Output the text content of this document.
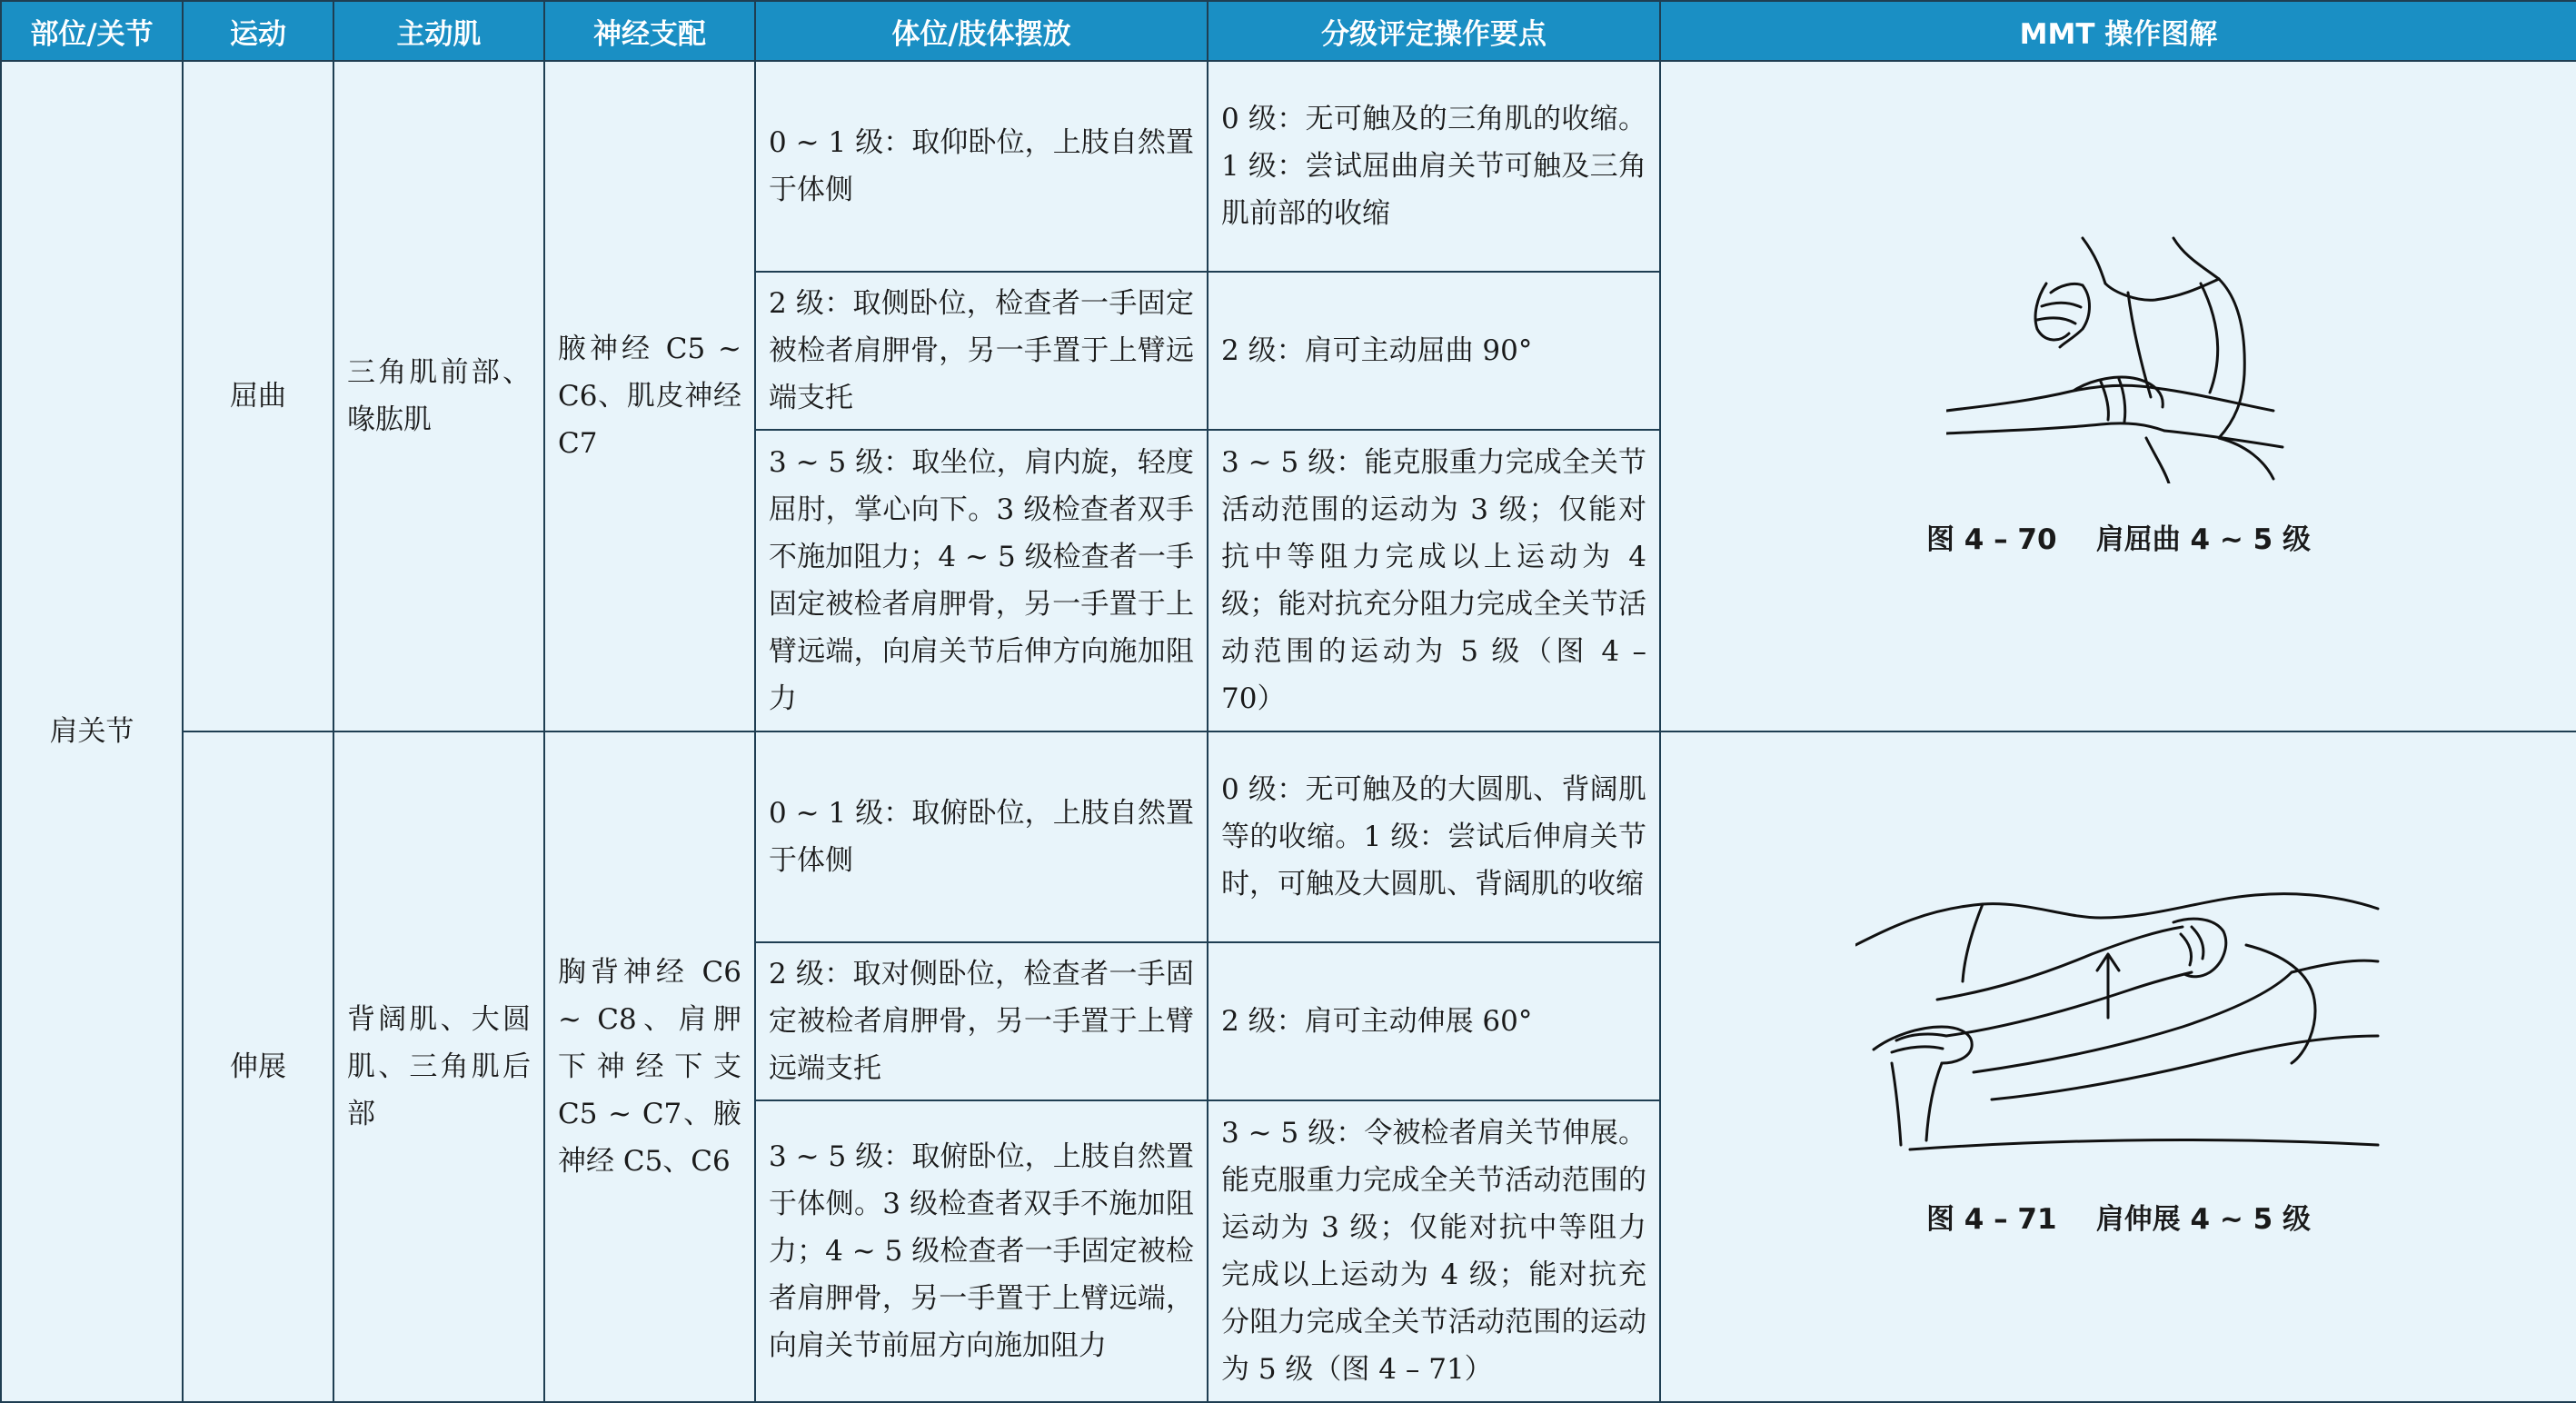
部位/关节	运动	主动肌	神经支配	体位/肢体摆放	分级评定操作要点	MMT 操作图解
肩关节	屈曲	三角肌前部、喙肱肌	腋神经 C5 ~ C6、肌皮神经 C7	0 ~ 1 级：取仰卧位，上肢自然置于体侧	0 级：无可触及的三角肌的收缩。1 级：尝试屈曲肩关节可触及三角肌前部的收缩	图 4 – 70    肩屈曲 4 ~ 5 级

				2 级：取侧卧位，检查者一手固定被检者肩胛骨，另一手置于上臂远端支托	2 级：肩可主动屈曲 90°	
				3 ~ 5 级：取坐位，肩内旋，轻度屈肘，掌心向下。3 级检查者双手不施加阻力；4 ~ 5 级检查者一手固定被检者肩胛骨，另一手置于上臂远端，向肩关节后伸方向施加阻力	3 ~ 5 级：能克服重力完成全关节活动范围的运动为 3 级；仅能对抗中等阻力完成以上运动为 4 级；能对抗充分阻力完成全关节活动范围的运动为 5 级（图 4 – 70）	
	伸展	背阔肌、大圆肌、三角肌后部	胸背神经 C6 ~ C8、肩胛下神经下支 C5 ~ C7、腋神经 C5、C6	0 ~ 1 级：取俯卧位，上肢自然置于体侧	0 级：无可触及的大圆肌、背阔肌等的收缩。1 级：尝试后伸肩关节时，可触及大圆肌、背阔肌的收缩	图 4 – 71    肩伸展 4 ~ 5 级

				2 级：取对侧卧位，检查者一手固定被检者肩胛骨，另一手置于上臂远端支托	2 级：肩可主动伸展 60°	
				3 ~ 5 级：取俯卧位，上肢自然置于体侧。3 级检查者双手不施加阻力；4 ~ 5 级检查者一手固定被检者肩胛骨，另一手置于上臂远端，向肩关节前屈方向施加阻力	3 ~ 5 级：令被检者肩关节伸展。能克服重力完成全关节活动范围的运动为 3 级；仅能对抗中等阻力完成以上运动为 4 级；能对抗充分阻力完成全关节活动范围的运动为 5 级（图 4 – 71）	
